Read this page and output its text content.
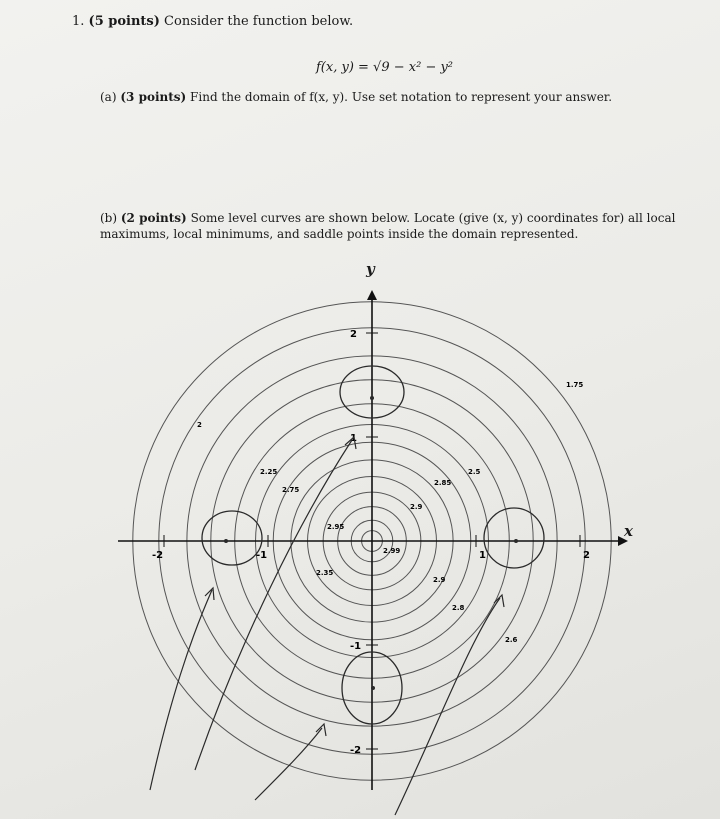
1. (5 points) Consider the function below.
f(x, y) = √9 − x² − y²
(a) (3 points) Find the domain of f(x, y). Use set notation to represent your answer.
(b) (2 points) Some level curves are shown below. Locate (give (x, y) coordinates for) all local maximums, local minimums, and saddle points inside the domain represented.
y
x
-2	-1	1	2
2
1
-1
-2
1.75
2
2.25	2.5
2.75
2.85
2.9
2.95
2.99
2.9
2.8
2.6
2.35
